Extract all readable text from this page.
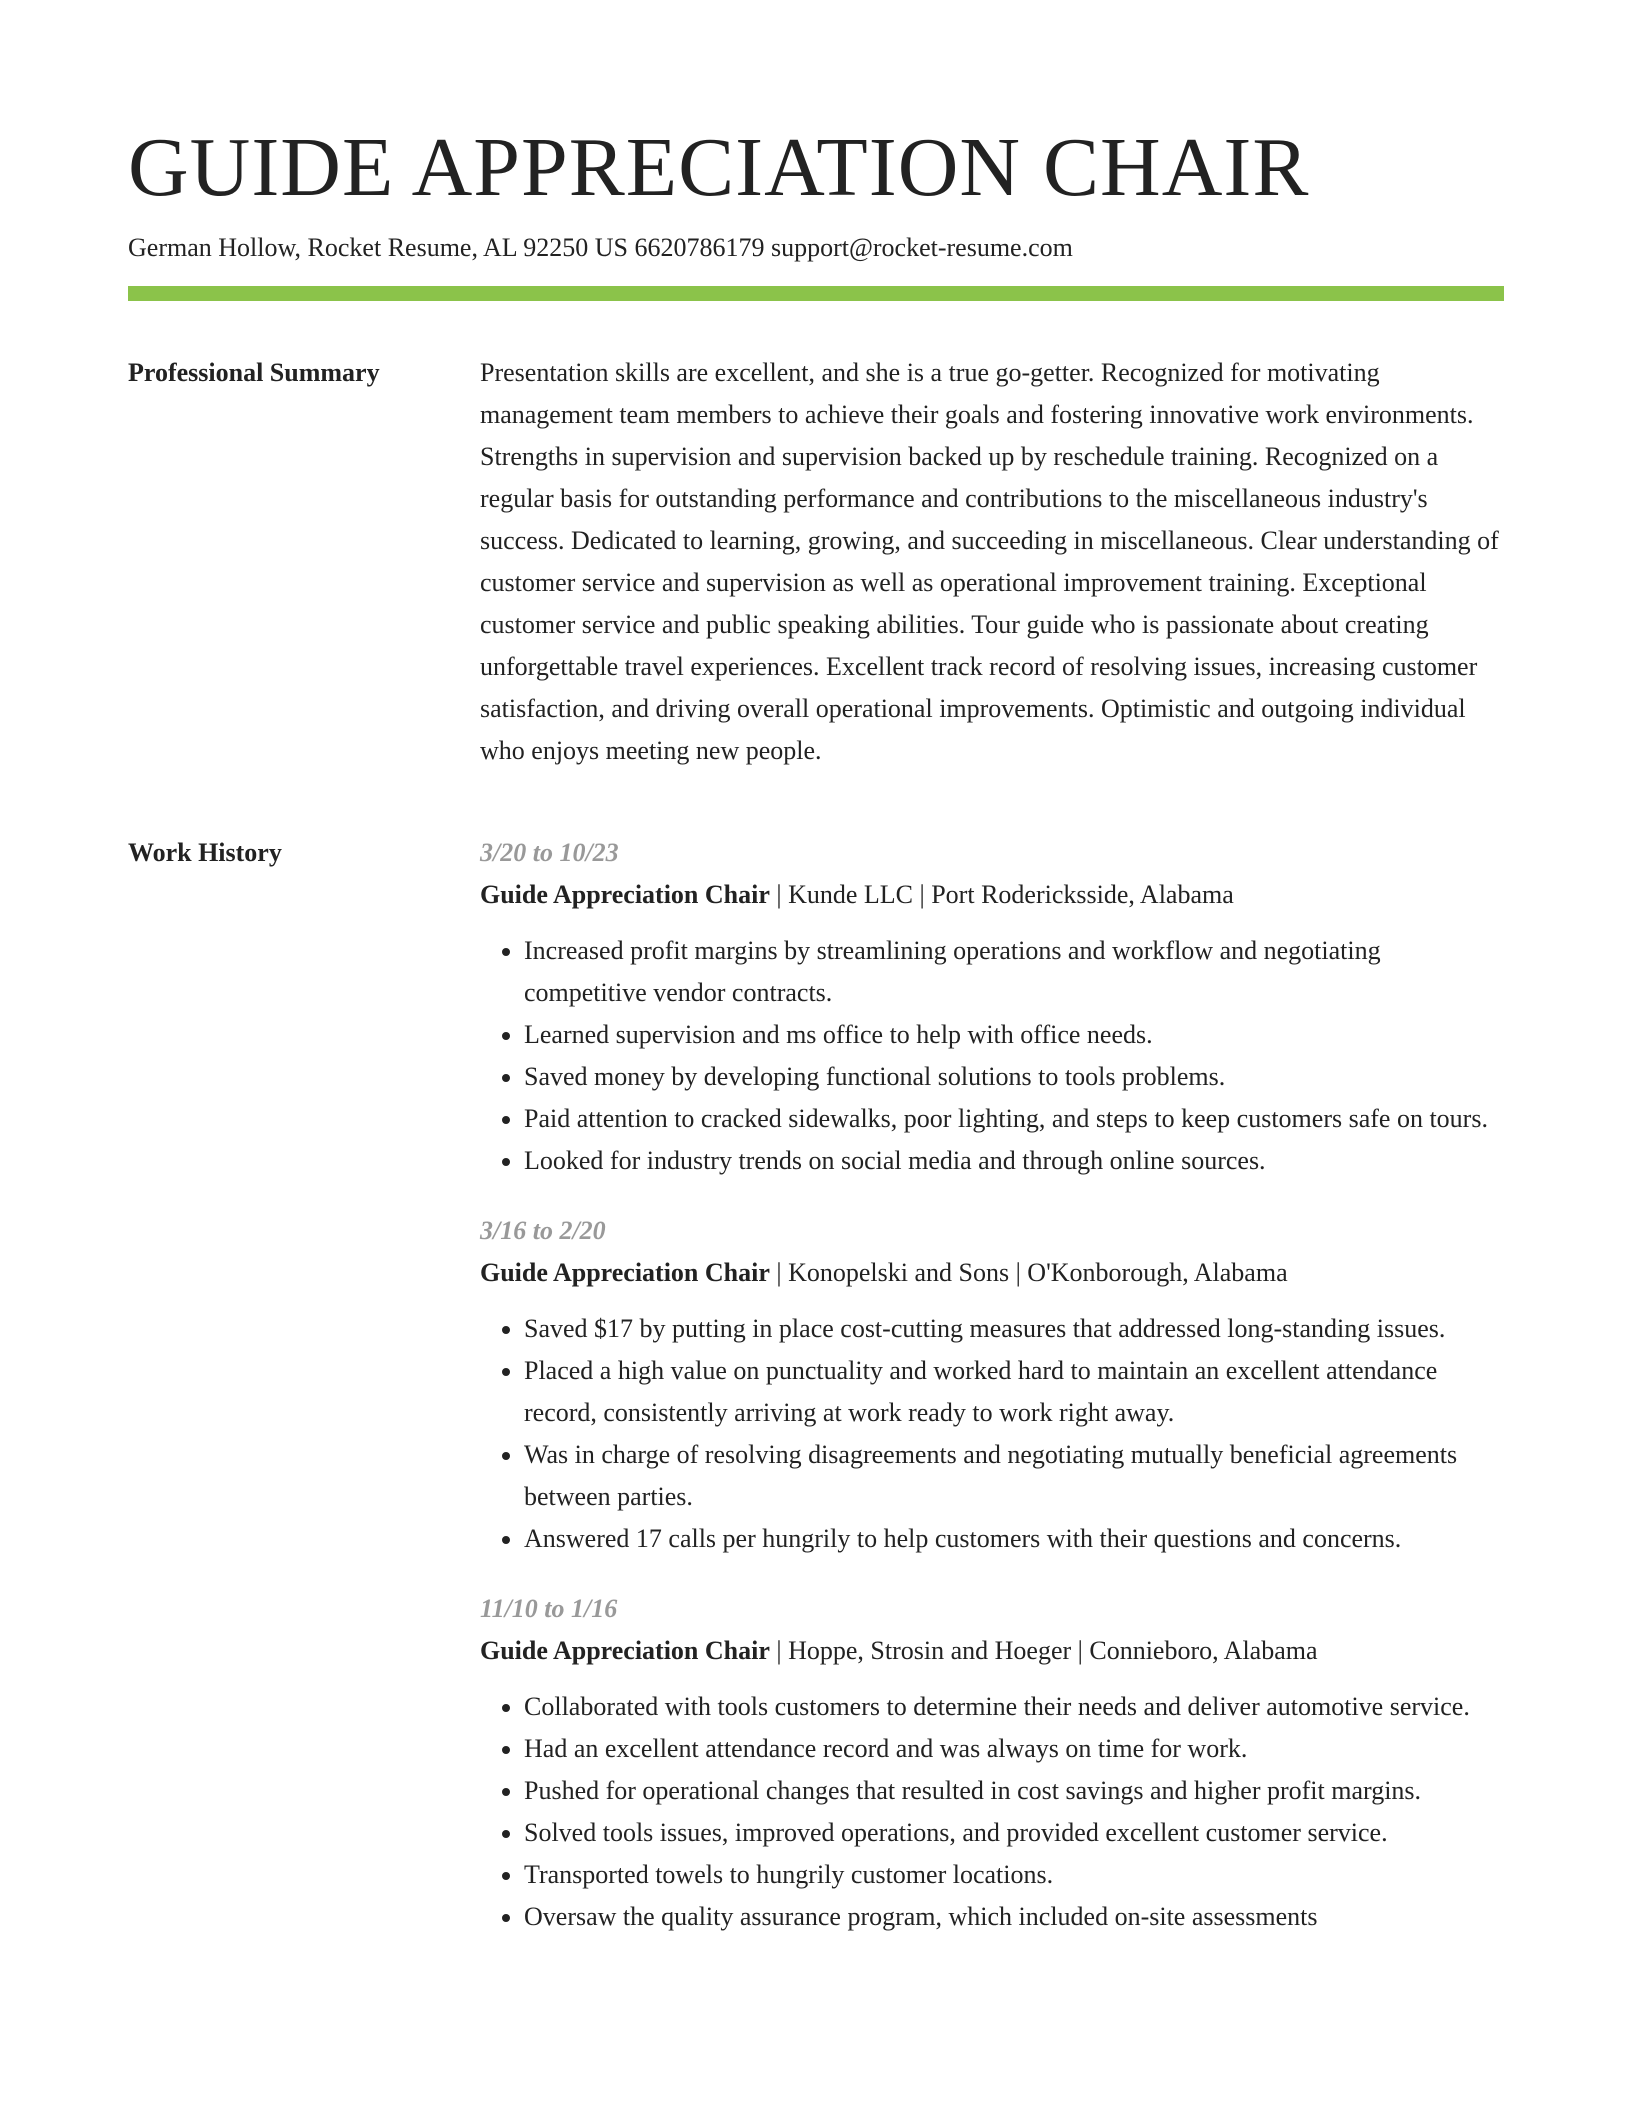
GUIDE APPRECIATION CHAIR
German Hollow, Rocket Resume, AL 92250 US 6620786179 support@rocket-resume.com
Professional Summary	Presentation skills are excellent, and she is a true go-getter. Recognized for motivating management team members to achieve their goals and fostering innovative work environments. Strengths in supervision and supervision backed up by reschedule training. Recognized on a regular basis for outstanding performance and contributions to the miscellaneous industry's success. Dedicated to learning, growing, and succeeding in miscellaneous. Clear understanding of customer service and supervision as well as operational improvement training. Exceptional customer service and public speaking abilities. Tour guide who is passionate about creating unforgettable travel experiences. Excellent track record of resolving issues, increasing customer satisfaction, and driving overall operational improvements. Optimistic and outgoing individual who enjoys meeting new people.

Work History	3/20 to 10/23
Guide Appreciation Chair | Kunde LLC | Port Rodericksside, Alabama
• Increased profit margins by streamlining operations and workflow and negotiating competitive vendor contracts.
• Learned supervision and ms office to help with office needs.
• Saved money by developing functional solutions to tools problems.
• Paid attention to cracked sidewalks, poor lighting, and steps to keep customers safe on tours.
• Looked for industry trends on social media and through online sources.
3/16 to 2/20
Guide Appreciation Chair | Konopelski and Sons | O'Konborough, Alabama
• Saved $17 by putting in place cost-cutting measures that addressed long-standing issues.
• Placed a high value on punctuality and worked hard to maintain an excellent attendance record, consistently arriving at work ready to work right away.
• Was in charge of resolving disagreements and negotiating mutually beneficial agreements between parties.
• Answered 17 calls per hungrily to help customers with their questions and concerns.
11/10 to 1/16
Guide Appreciation Chair | Hoppe, Strosin and Hoeger | Connieboro, Alabama
• Collaborated with tools customers to determine their needs and deliver automotive service.
• Had an excellent attendance record and was always on time for work.
• Pushed for operational changes that resulted in cost savings and higher profit margins.
• Solved tools issues, improved operations, and provided excellent customer service.
• Transported towels to hungrily customer locations.
• Oversaw the quality assurance program, which included on-site assessments
